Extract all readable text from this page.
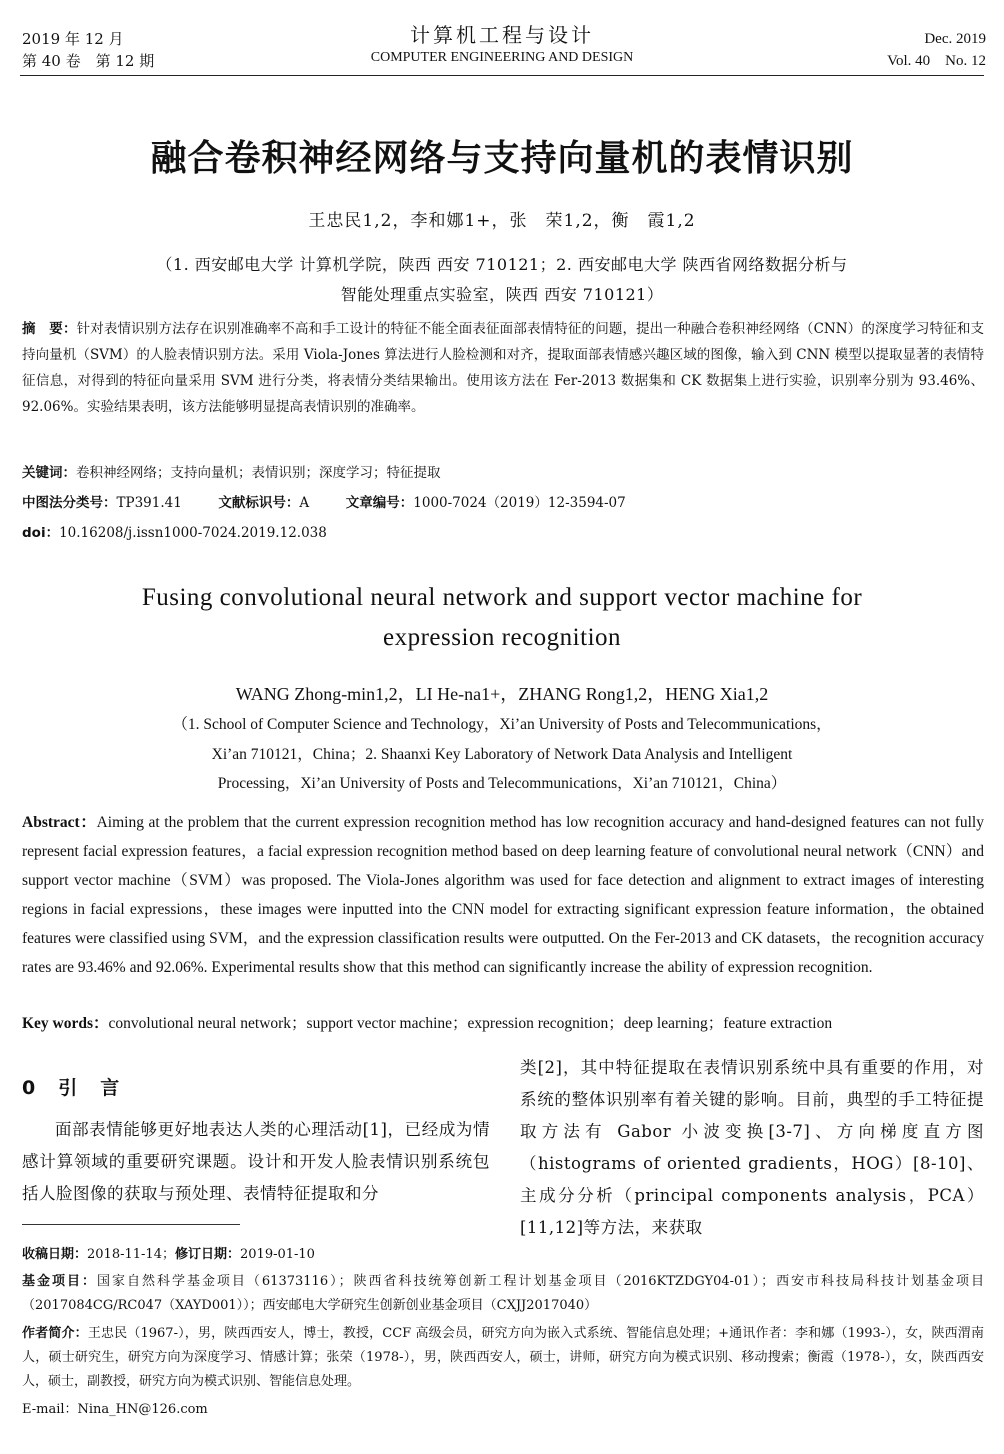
2019 年 12 月
第 40 卷　第 12 期
计算机工程与设计
COMPUTER ENGINEERING AND DESIGN
Dec. 2019
Vol. 40　No. 12
融合卷积神经网络与支持向量机的表情识别
王忠民1,2，李和娜1+，张　荣1,2，衡　霞1,2
（1. 西安邮电大学 计算机学院，陕西 西安 710121；2. 西安邮电大学 陕西省网络数据分析与
智能处理重点实验室，陕西 西安 710121）
摘　要：针对表情识别方法存在识别准确率不高和手工设计的特征不能全面表征面部表情特征的问题，提出一种融合卷积神经网络（CNN）的深度学习特征和支持向量机（SVM）的人脸表情识别方法。采用 Viola-Jones 算法进行人脸检测和对齐，提取面部表情感兴趣区域的图像，输入到 CNN 模型以提取显著的表情特征信息，对得到的特征向量采用 SVM 进行分类，将表情分类结果输出。使用该方法在 Fer-2013 数据集和 CK 数据集上进行实验，识别率分别为 93.46%、92.06%。实验结果表明，该方法能够明显提高表情识别的准确率。
关键词：卷积神经网络；支持向量机；表情识别；深度学习；特征提取
中图法分类号：TP391.41	文献标识号：A	文章编号：1000-7024（2019）12-3594-07
doi：10.16208/j.issn1000-7024.2019.12.038
Fusing convolutional neural network and support vector machine for
expression recognition
WANG Zhong-min1,2，LI He-na1+，ZHANG Rong1,2，HENG Xia1,2
（1. School of Computer Science and Technology，Xi’an University of Posts and Telecommunications，
Xi’an 710121，China；2. Shaanxi Key Laboratory of Network Data Analysis and Intelligent
Processing，Xi’an University of Posts and Telecommunications，Xi’an 710121，China）
Abstract：Aiming at the problem that the current expression recognition method has low recognition accuracy and hand-designed features can not fully represent facial expression features，a facial expression recognition method based on deep learning feature of convolutional neural network（CNN）and support vector machine（SVM）was proposed. The Viola-Jones algorithm was used for face detection and alignment to extract images of interesting regions in facial expressions，these images were inputted into the CNN model for extracting significant expression feature information，the obtained features were classified using SVM，and the expression classification results were outputted. On the Fer-2013 and CK datasets，the recognition accuracy rates are 93.46% and 92.06%. Experimental results show that this method can significantly increase the ability of expression recognition.
Key words：convolutional neural network；support vector machine；expression recognition；deep learning；feature extraction
0　引　言
面部表情能够更好地表达人类的心理活动[1]，已经成为情感计算领域的重要研究课题。设计和开发人脸表情识别系统包括人脸图像的获取与预处理、表情特征提取和分
类[2]，其中特征提取在表情识别系统中具有重要的作用，对系统的整体识别率有着关键的影响。目前，典型的手工特征提取方法有 Gabor 小波变换[3-7]、方向梯度直方图（histograms of oriented gradients，HOG）[8-10]、主成分分析（principal components analysis，PCA）[11,12]等方法，来获取
收稿日期：2018-11-14；修订日期：2019-01-10
基金项目：国家自然科学基金项目（61373116）；陕西省科技统筹创新工程计划基金项目（2016KTZDGY04-01）；西安市科技局科技计划基金项目（2017084CG/RC047（XAYD001））；西安邮电大学研究生创新创业基金项目（CXJJ2017040）
作者简介：王忠民（1967-），男，陕西西安人，博士，教授，CCF 高级会员，研究方向为嵌入式系统、智能信息处理；+通讯作者：李和娜（1993-），女，陕西渭南人，硕士研究生，研究方向为深度学习、情感计算；张荣（1978-），男，陕西西安人，硕士，讲师，研究方向为模式识别、移动搜索；衡霞（1978-），女，陕西西安人，硕士，副教授，研究方向为模式识别、智能信息处理。
E-mail：Nina_HN@126.com
